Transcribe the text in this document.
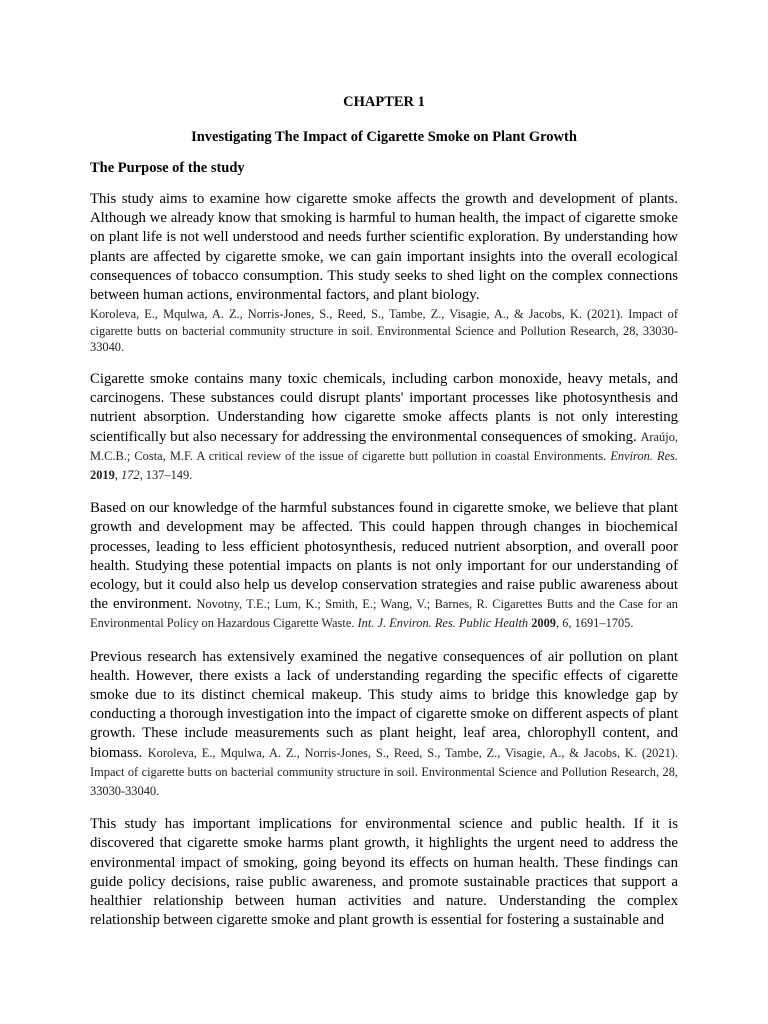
CHAPTER 1
Investigating The Impact of Cigarette Smoke on Plant Growth
The Purpose of the study

This study aims to examine how cigarette smoke affects the growth and development of plants. Although we already know that smoking is harmful to human health, the impact of cigarette smoke on plant life is not well understood and needs further scientific exploration. By understanding how plants are affected by cigarette smoke, we can gain important insights into the overall ecological consequences of tobacco consumption. This study seeks to shed light on the complex connections between human actions, environmental factors, and plant biology.
Koroleva, E., Mqulwa, A. Z., Norris-Jones, S., Reed, S., Tambe, Z., Visagie, A., & Jacobs, K. (2021). Impact of cigarette butts on bacterial community structure in soil. Environmental Science and Pollution Research, 28, 33030-33040.

Cigarette smoke contains many toxic chemicals, including carbon monoxide, heavy metals, and carcinogens. These substances could disrupt plants' important processes like photosynthesis and nutrient absorption. Understanding how cigarette smoke affects plants is not only interesting scientifically but also necessary for addressing the environmental consequences of smoking. Araújo, M.C.B.; Costa, M.F. A critical review of the issue of cigarette butt pollution in coastal Environments. Environ. Res. 2019, 172, 137–149.

Based on our knowledge of the harmful substances found in cigarette smoke, we believe that plant growth and development may be affected. This could happen through changes in biochemical processes, leading to less efficient photosynthesis, reduced nutrient absorption, and overall poor health. Studying these potential impacts on plants is not only important for our understanding of ecology, but it could also help us develop conservation strategies and raise public awareness about the environment. Novotny, T.E.; Lum, K.; Smith, E.; Wang, V.; Barnes, R. Cigarettes Butts and the Case for an Environmental Policy on Hazardous Cigarette Waste. Int. J. Environ. Res. Public Health 2009, 6, 1691–1705.

Previous research has extensively examined the negative consequences of air pollution on plant health. However, there exists a lack of understanding regarding the specific effects of cigarette smoke due to its distinct chemical makeup. This study aims to bridge this knowledge gap by conducting a thorough investigation into the impact of cigarette smoke on different aspects of plant growth. These include measurements such as plant height, leaf area, chlorophyll content, and biomass. Koroleva, E., Mqulwa, A. Z., Norris-Jones, S., Reed, S., Tambe, Z., Visagie, A., & Jacobs, K. (2021). Impact of cigarette butts on bacterial community structure in soil. Environmental Science and Pollution Research, 28, 33030-33040.

This study has important implications for environmental science and public health. If it is discovered that cigarette smoke harms plant growth, it highlights the urgent need to address the environmental impact of smoking, going beyond its effects on human health. These findings can guide policy decisions, raise public awareness, and promote sustainable practices that support a healthier relationship between human activities and nature. Understanding the complex relationship between cigarette smoke and plant growth is essential for fostering a sustainable and
